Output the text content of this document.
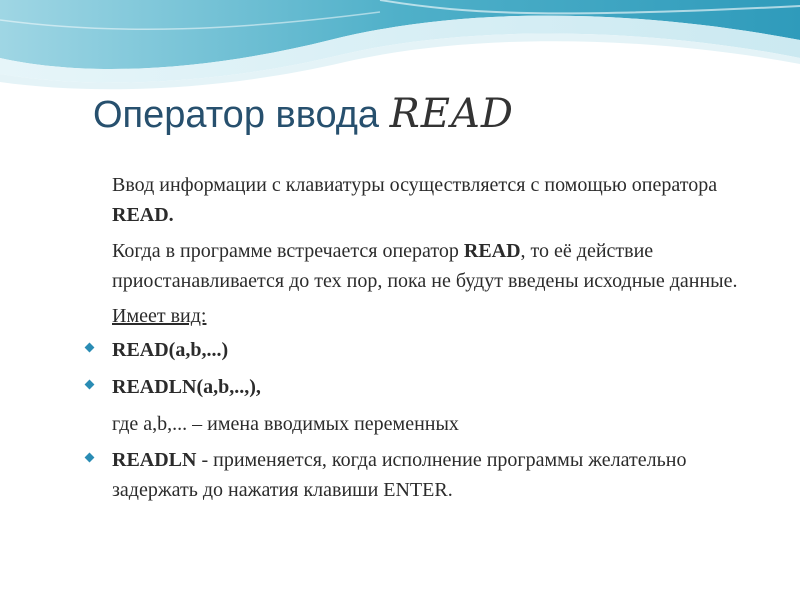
Оператор ввода READ

Ввод информации с клавиатуры осуществляется с помощью оператора READ.

Когда в программе встречается оператор READ, то её действие приостанавливается до тех пор, пока не будут введены исходные данные.

Имеет вид:

READ(a,b,...)
READLN(a,b,..,),

где a,b,... – имена вводимых переменных

READLN - применяется, когда исполнение программы желательно задержать до нажатия клавиши ENTER.
